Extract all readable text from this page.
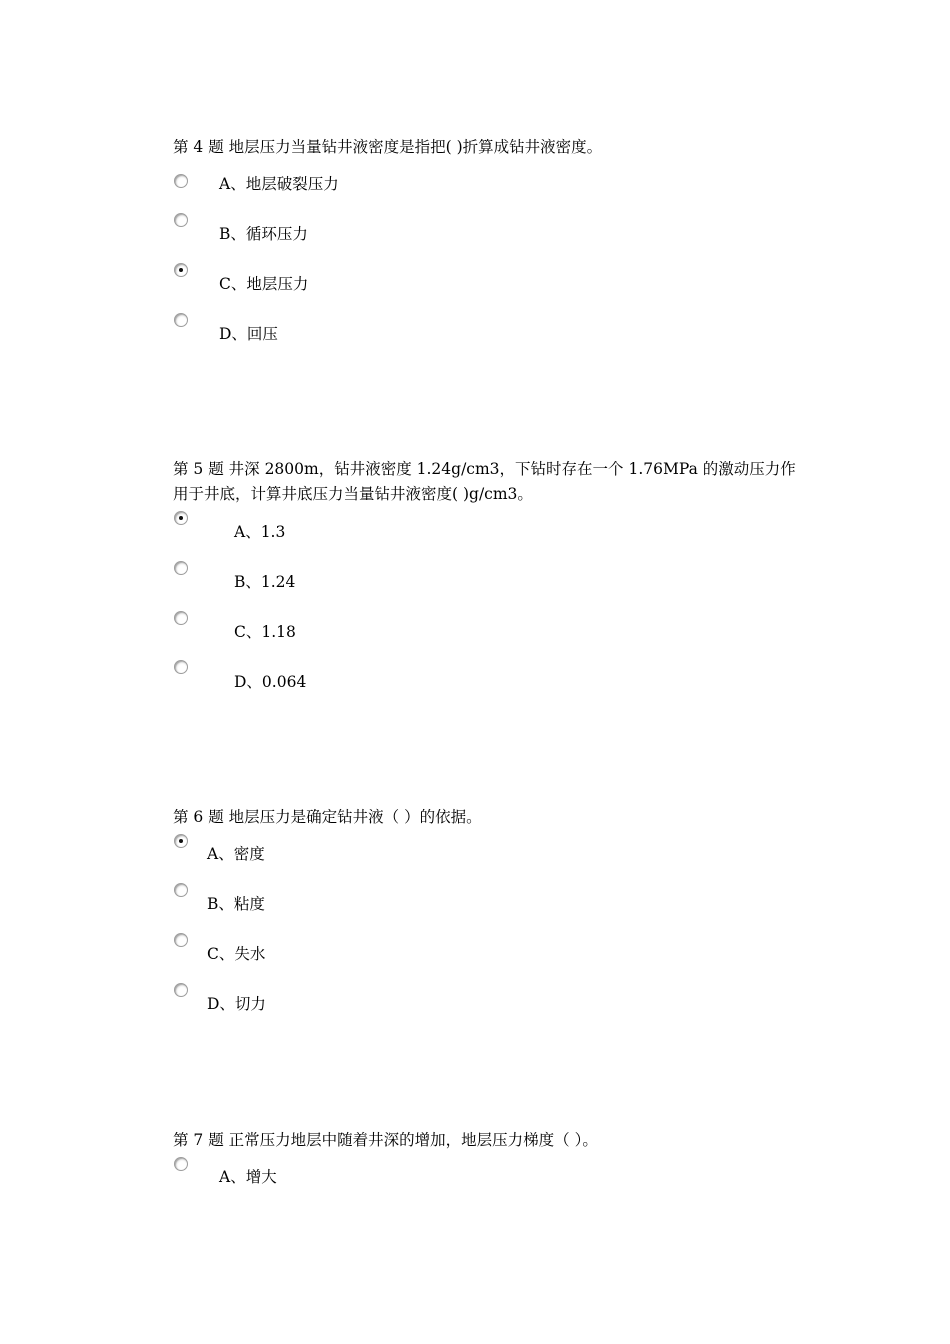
第 4 题 地层压力当量钻井液密度是指把( )折算成钻井液密度。
A、地层破裂压力
B、循环压力
C、地层压力
D、回压
第 5 题 井深 2800m，钻井液密度 1.24g/cm3，下钻时存在一个 1.76MPa 的激动压力作
用于井底，计算井底压力当量钻井液密度( )g/cm3。
A、1.3
B、1.24
C、1.18
D、0.064
第 6 题 地层压力是确定钻井液（ ）的依据。
A、密度
B、粘度
C、失水
D、切力
第 7 题 正常压力地层中随着井深的增加，地层压力梯度（ ）。
A、增大
